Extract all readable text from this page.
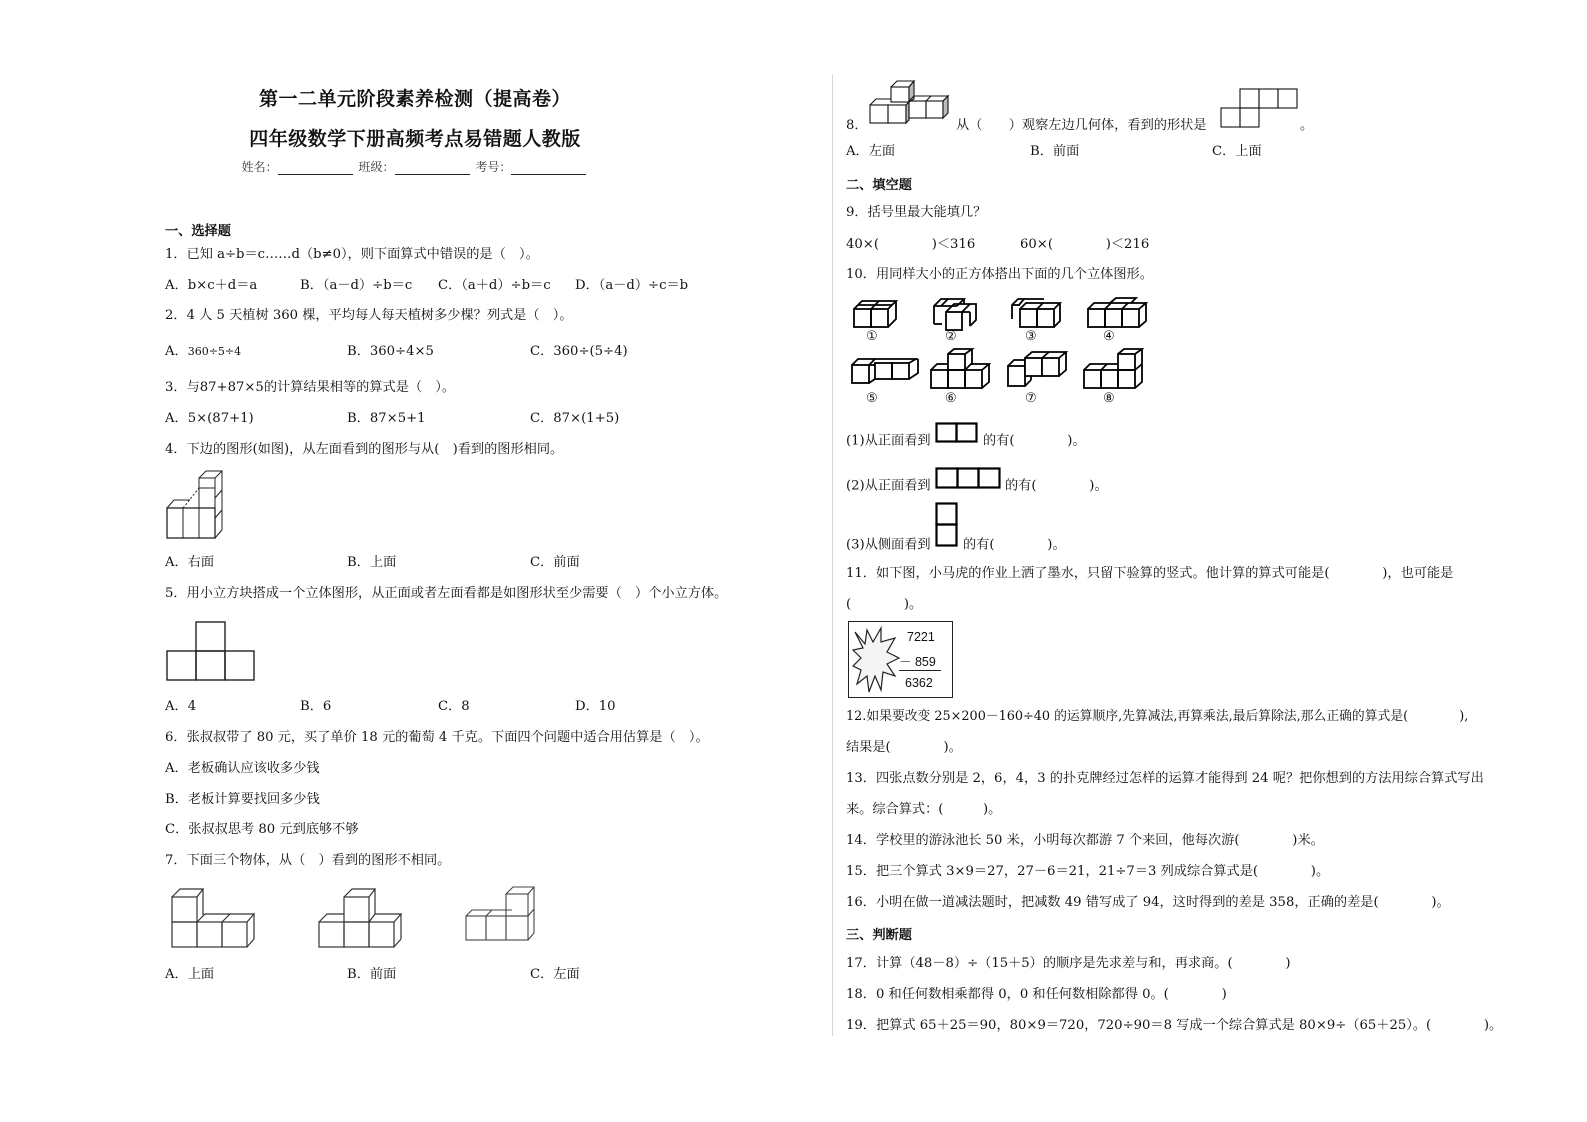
第一二单元阶段素养检测（提高卷）
四年级数学下册高频考点易错题人教版
姓名：	班级：	考号：
一、选择题
1．已知 a÷b＝c……d（b≠0），则下面算式中错误的是（　）。
A．b×c＋d＝a	B．（a－d）÷b＝c C．（a＋d）÷b＝c D．（a－d）÷c＝b
2．4 人 5 天植树 360 棵，平均每人每天植树多少棵？列式是（　）。
A．360÷5÷4	B．360÷4×5	C．360÷(5÷4)
3．与87+87×5的计算结果相等的算式是（　）。
A．5×(87+1)	B．87×5+1	C．87×(1+5)
4．下边的图形(如图)，从左面看到的图形与从(　)看到的图形相同。
A．右面	B．上面	C．前面
5．用小立方块搭成一个立体图形，从正面或者左面看都是如图形状至少需要（　）个小立方体。
A．4	B．6	C．8	D．10
6．张叔叔带了 80 元，买了单价 18 元的葡萄 4 千克。下面四个问题中适合用估算是（　）。
A．老板确认应该收多少钱
B．老板计算要找回多少钱
C．张叔叔思考 80 元到底够不够
7．下面三个物体，从（　）看到的图形不相同。
A．上面	B．前面	C．左面
8．	从（　　）观察左边几何体，看到的形状是	。
A．左面	B．前面	C．上面
二、填空题
9．括号里最大能填几？
40×(　　　　)＜316	60×(　　　　)＜216
10．用同样大小的正方体搭出下面的几个立体图形。
①	②	③	④
⑤	⑥	⑦	⑧
(1)从正面看到	的有(　　　　)。
(2)从正面看到	的有(　　　　)。
(3)从侧面看到 的有(　　　　)。
11．如下图，小马虎的作业上洒了墨水，只留下验算的竖式。他计算的算式可能是(　　　　)，也可能是
(　　　　)。
7221
－ 859
6362
12.如果要改变 25×200－160÷40 的运算顺序,先算减法,再算乘法,最后算除法,那么正确的算式是(　　　　),
结果是(　　　　)。
13．四张点数分别是 2，6，4，3 的扑克牌经过怎样的运算才能得到 24 呢？把你想到的方法用综合算式写出
来。综合算式：(　　　)。
14．学校里的游泳池长 50 米，小明每次都游 7 个来回，他每次游(　　　　)米。
15．把三个算式 3×9＝27，27－6＝21，21÷7＝3 列成综合算式是(　　　　)。
16．小明在做一道减法题时，把减数 49 错写成了 94，这时得到的差是 358，正确的差是(　　　　)。
三、判断题
17．计算（48－8）÷（15＋5）的顺序是先求差与和，再求商。(　　　　)
18．0 和任何数相乘都得 0，0 和任何数相除都得 0。(　　　　)
19．把算式 65＋25＝90，80×9＝720，720÷90＝8 写成一个综合算式是 80×9÷（65＋25）。(　　　　)。
